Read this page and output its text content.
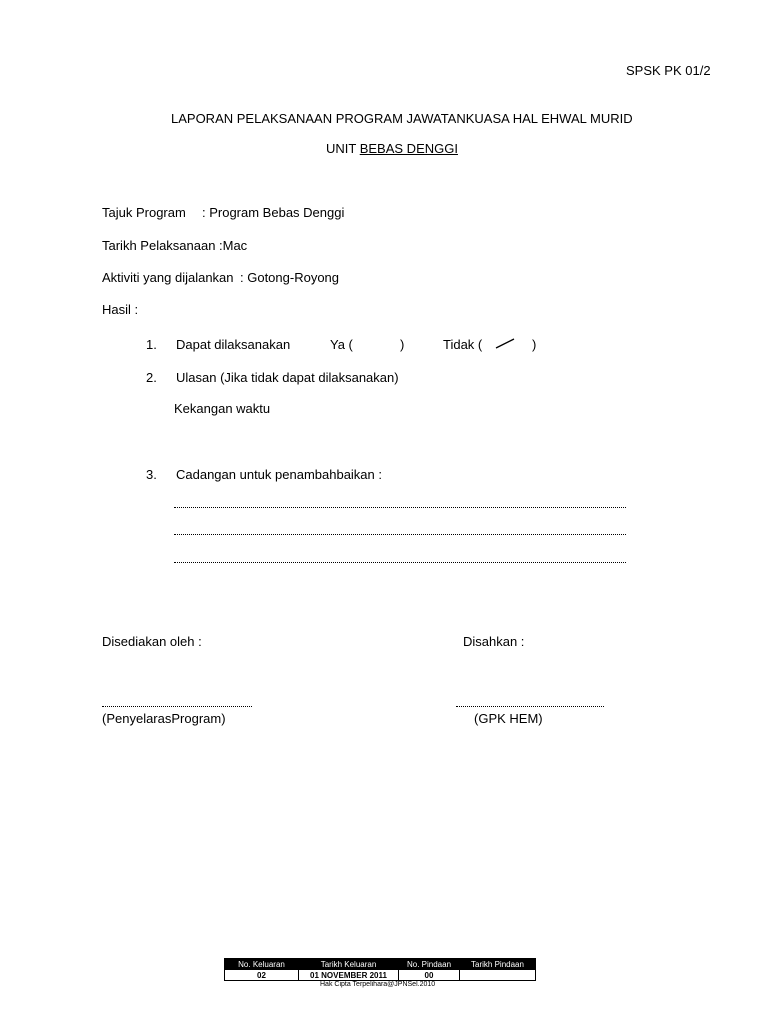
SPSK PK 01/2
LAPORAN PELAKSANAAN PROGRAM JAWATANKUASA HAL EHWAL MURID
UNIT BEBAS DENGGI
Tajuk Program : Program Bebas Denggi
Tarikh Pelaksanaan :Mac
Aktiviti yang dijalankan : Gotong-Royong
Hasil :
1. Dapat dilaksanakan	Ya (	)	Tidak (	)
2. Ulasan (Jika tidak dapat dilaksanakan)
Kekangan waktu
3. Cadangan untuk penambahbaikan :
Disediakan oleh :	Disahkan :
(PenyelarasProgram)	(GPK HEM)
No. Keluaran	Tarikh Keluaran	No. Pindaan	Tarikh Pindaan
02	01 NOVEMBER 2011	00	
Hak Cipta Terpelihara@JPNSel.2010
